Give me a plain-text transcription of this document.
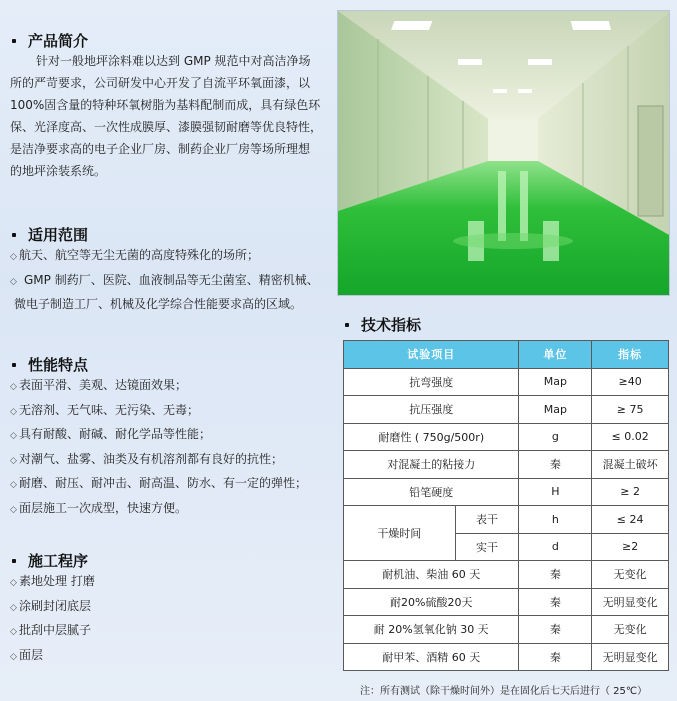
产品简介
针对一般地坪涂料难以达到 GMP 规范中对高洁净场
所的严苛要求，公司研发中心开发了自流平环氧面漆，以
100%固含量的特种环氧树脂为基料配制而成，具有绿色环
保、光泽度高、一次性成膜厚、漆膜强韧耐磨等优良特性，
是洁净要求高的电子企业厂房、制药企业厂房等场所理想
的地坪涂装系统。
适用范围
◇ 航天、航空等无尘无菌的高度特殊化的场所；
◇ GMP 制药厂、医院、血液制品等无尘菌室、精密机械、
微电子制造工厂、机械及化学综合性能要求高的区域。
性能特点
◇ 表面平滑、美观、达镜面效果；
◇ 无溶剂、无气味、无污染、无毒；
◇ 具有耐酸、耐碱、耐化学品等性能；
◇ 对潮气、盐雾、油类及有机溶剂都有良好的抗性；
◇ 耐磨、耐压、耐冲击、耐高温、防水、有一定的弹性；
◇ 面层施工一次成型，快速方便。
施工程序
◇ 素地处理 打磨
◇ 涂刷封闭底层
◇ 批刮中层腻子
◇ 面层
技术指标
试验项目		单位	指标
抗弯强度		Map	≥40
抗压强度		Map	≥ 75
耐磨性 ( 750g/500r)		g	≤ 0.02
对混凝土的粘接力		秦	混凝土破坏
铅笔硬度		H	≥ 2
干燥时间	表干	h	≤ 24
	实干	d	≥2
耐机油、柴油 60 天		秦	无变化
耐20%硫酸20天		秦	无明显变化
耐 20%氢氧化钠 30 天		秦	无变化
耐甲苯、酒精 60 天		秦	无明显变化
注：所有测试（除干燥时间外）是在固化后七天后进行（ 25℃）
